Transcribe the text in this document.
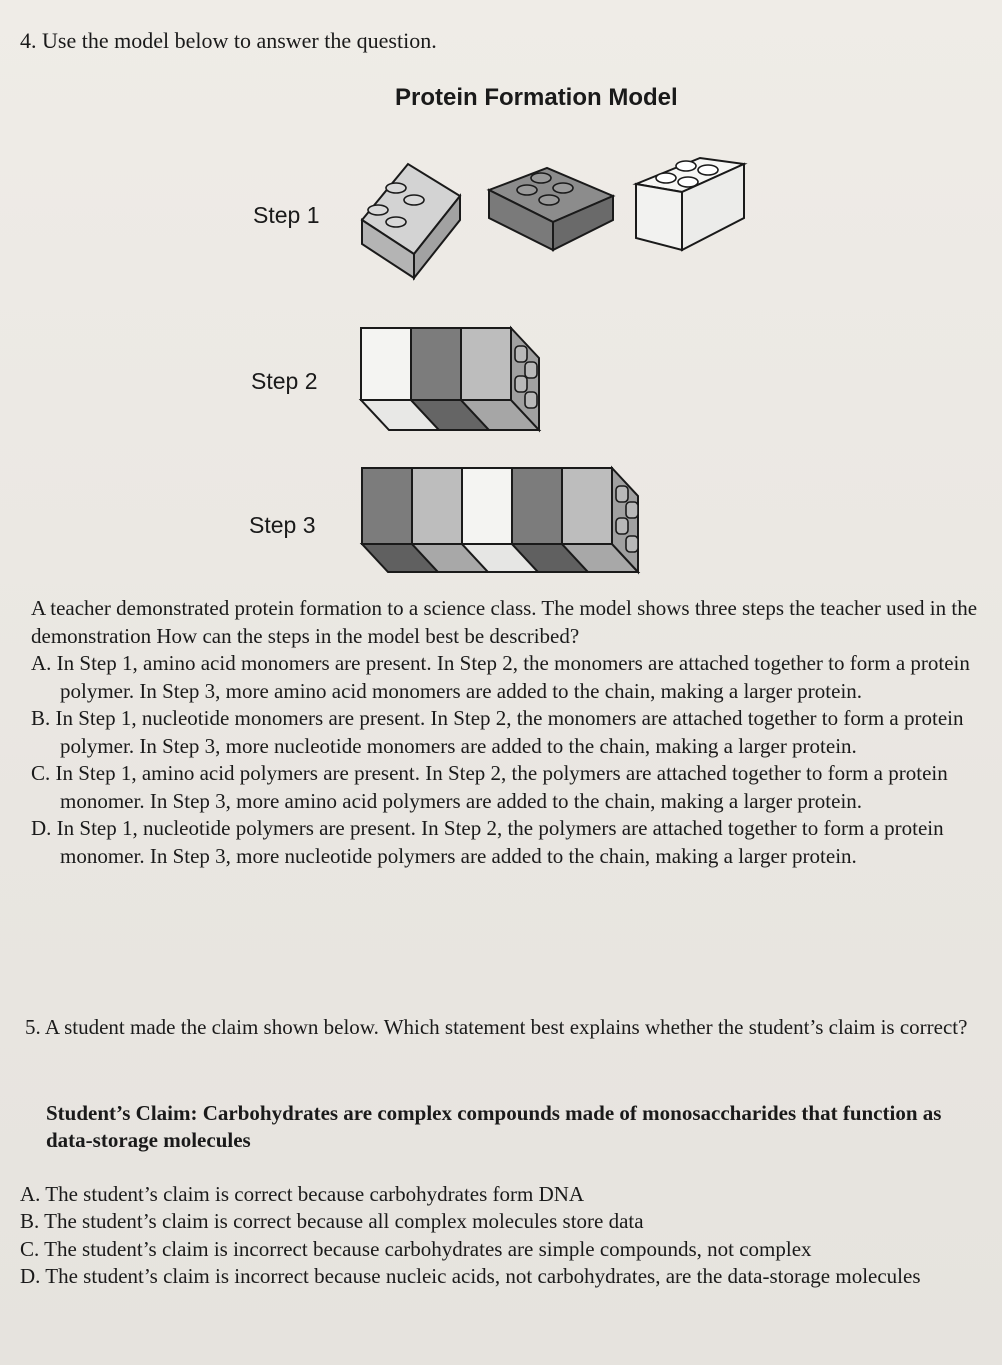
4. Use the model below to answer the question.
Protein Formation Model
Step 1
Step 2
Step 3
A teacher demonstrated protein formation to a science class. The model shows three steps the teacher used in the demonstration How can the steps in the model best be described?
A. In Step 1, amino acid monomers are present. In Step 2, the monomers are attached together to form a protein polymer. In Step 3, more amino acid monomers are added to the chain, making a larger protein.
B. In Step 1, nucleotide monomers are present. In Step 2, the monomers are attached together to form a protein polymer. In Step 3, more nucleotide monomers are added to the chain, making a larger protein.
C. In Step 1, amino acid polymers are present. In Step 2, the polymers are attached together to form a protein monomer. In Step 3, more amino acid polymers are added to the chain, making a larger protein.
D. In Step 1, nucleotide polymers are present. In Step 2, the polymers are attached together to form a protein monomer. In Step 3, more nucleotide polymers are added to the chain, making a larger protein.
5. A student made the claim shown below. Which statement best explains whether the student’s claim is correct?
Student’s Claim: Carbohydrates are complex compounds made of monosaccharides that function as data-storage molecules
A. The student’s claim is correct because carbohydrates form DNA
B. The student’s claim is correct because all complex molecules store data
C. The student’s claim is incorrect because carbohydrates are simple compounds, not complex
D. The student’s claim is incorrect because nucleic acids, not carbohydrates, are the data-storage molecules
